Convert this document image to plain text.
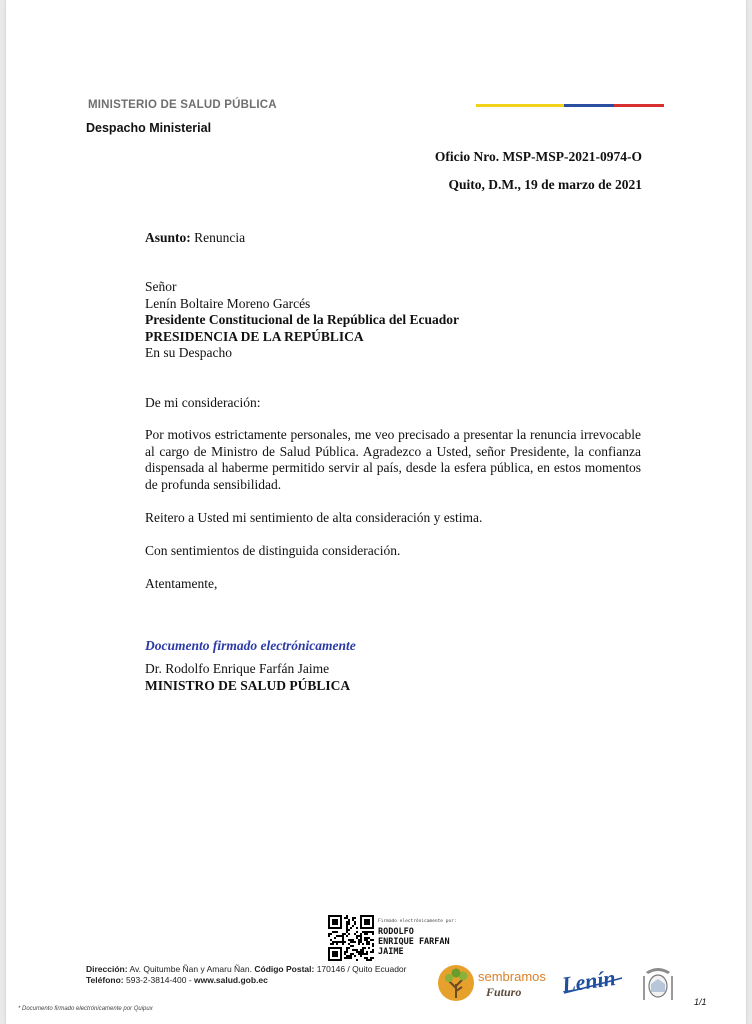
MINISTERIO DE SALUD PÚBLICA
Despacho Ministerial
Oficio Nro. MSP-MSP-2021-0974-O
Quito, D.M., 19 de marzo de 2021
Asunto: Renuncia
Señor
Lenín Boltaire Moreno Garcés
Presidente Constitucional de la República del Ecuador
PRESIDENCIA DE LA REPÚBLICA
En su Despacho
De mi consideración:
Por motivos estrictamente personales, me veo precisado a presentar la renuncia irrevocable al cargo de Ministro de Salud Pública. Agradezco a Usted, señor Presidente, la confianza dispensada al haberme permitido servir al país, desde la esfera pública, en estos momentos de profunda sensibilidad.
Reitero a Usted mi sentimiento de alta consideración y estima.
Con sentimientos de distinguida consideración.
Atentamente,
Documento firmado electrónicamente
Dr. Rodolfo Enrique Farfán Jaime
MINISTRO DE SALUD PÚBLICA
Firmado electrónicamente por:
RODOLFO
ENRIQUE FARFAN
JAIME
Dirección: Av. Quitumbe Ñan y Amaru Ñan. Código Postal: 170146 / Quito Ecuador
Teléfono: 593-2-3814-400 - www.salud.gob.ec	sembramos
Futuro Lenín
1/1
* Documento firmado electrónicamente por Quipux
